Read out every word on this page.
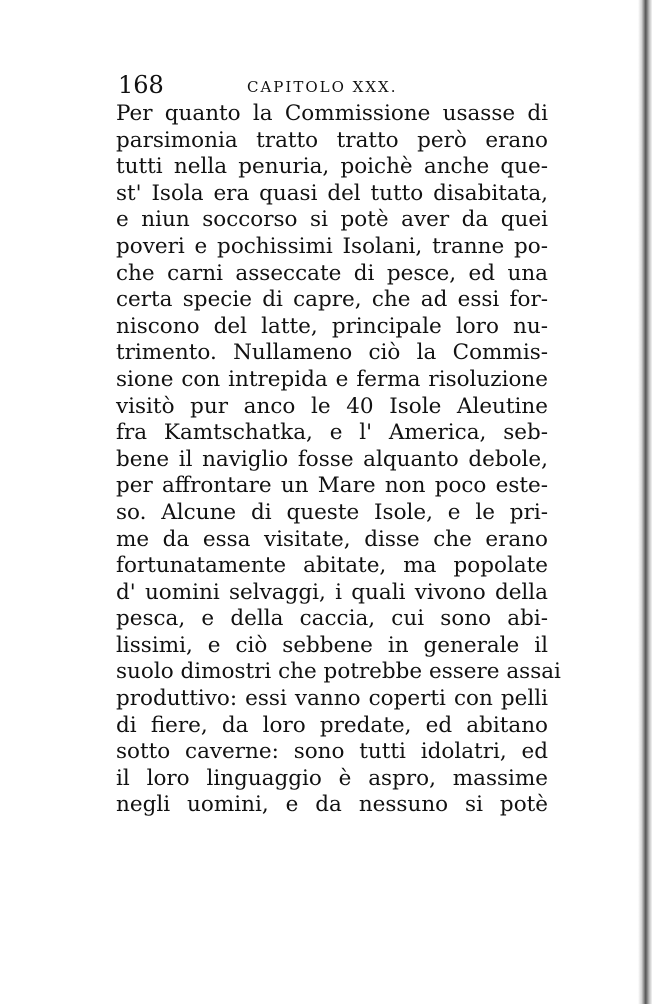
168	CAPITOLO XXX.
Per quanto la Commissione usasse di
parsimonia tratto tratto però erano
tutti nella penuria, poichè anche que-
st' Isola era quasi del tutto disabitata,
e niun soccorso si potè aver da quei
poveri e pochissimi Isolani, tranne po-
che carni asseccate di pesce, ed una
certa specie di capre, che ad essi for-
niscono del latte, principale loro nu-
trimento. Nullameno ciò la Commis-
sione con intrepida e ferma risoluzione
visitò pur anco le 40 Isole Aleutine
fra Kamtschatka, e l' America, seb-
bene il naviglio fosse alquanto debole,
per affrontare un Mare non poco este-
so. Alcune di queste Isole, e le pri-
me da essa visitate, disse che erano
fortunatamente abitate, ma popolate
d' uomini selvaggi, i quali vivono della
pesca, e della caccia, cui sono abi-
lissimi, e ciò sebbene in generale il
suolo dimostri che potrebbe essere assai
produttivo: essi vanno coperti con pelli
di fiere, da loro predate, ed abitano
sotto caverne: sono tutti idolatri, ed
il loro linguaggio è aspro, massime
negli uomini, e da nessuno si potè
